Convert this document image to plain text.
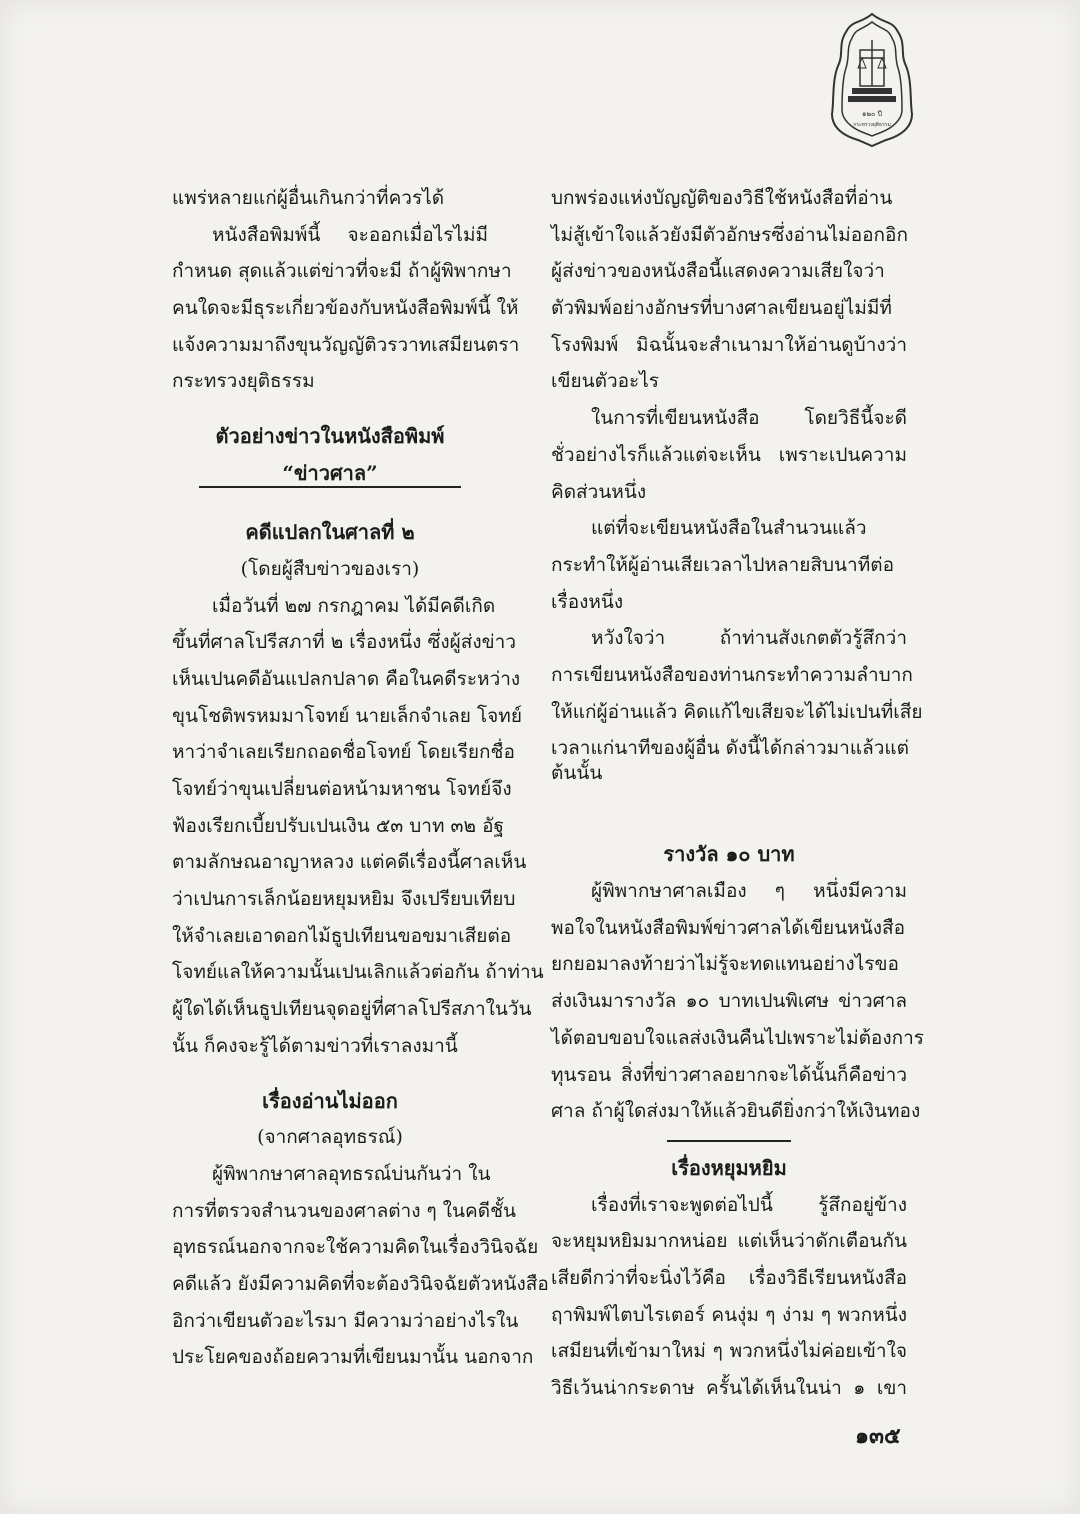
๑๒๐ ปี
กระทรวงยุติธรรม
แพร่หลายแก่ผู้อื่นเกินกว่าที่ควรได้
หนังสือพิมพ์นี้ จะออกเมื่อไรไม่มี
กำหนด สุดแล้วแต่ข่าวที่จะมี ถ้าผู้พิพากษา
คนใดจะมีธุระเกี่ยวข้องกับหนังสือพิมพ์นี้ ให้
แจ้งความมาถึงขุนวัญญัติวรวาทเสมียนตรา
กระทรวงยุติธรรม
ตัวอย่างข่าวในหนังสือพิมพ์
“ข่าวศาล”
คดีแปลกในศาลที่ ๒
(โดยผู้สืบข่าวของเรา)
เมื่อวันที่ ๒๗ กรกฎาคม ได้มีคดีเกิด
ขึ้นที่ศาลโปรีสภาที่ ๒ เรื่องหนึ่ง ซึ่งผู้ส่งข่าว
เห็นเปนคดีอันแปลกปลาด คือในคดีระหว่าง
ขุนโชติพรหมมาโจทย์ นายเล็กจำเลย โจทย์
หาว่าจำเลยเรียกถอดชื่อโจทย์ โดยเรียกชื่อ
โจทย์ว่าขุนเปลี่ยนต่อหน้ามหาชน โจทย์จึง
ฟ้องเรียกเบี้ยปรับเปนเงิน ๕๓ บาท ๓๒ อัฐ
ตามลักษณอาญาหลวง แต่คดีเรื่องนี้ศาลเห็น
ว่าเปนการเล็กน้อยหยุมหยิม จึงเปรียบเทียบ
ให้จำเลยเอาดอกไม้ธูปเทียนขอขมาเสียต่อ
โจทย์แลให้ความนั้นเปนเลิกแล้วต่อกัน ถ้าท่าน
ผู้ใดได้เห็นธูปเทียนจุดอยู่ที่ศาลโปรีสภาในวัน
นั้น ก็คงจะรู้ได้ตามข่าวที่เราลงมานี้
เรื่องอ่านไม่ออก
(จากศาลอุทธรณ์)
ผู้พิพากษาศาลอุทธรณ์บ่นกันว่า ใน
การที่ตรวจสำนวนของศาลต่าง ๆ ในคดีชั้น
อุทธรณ์นอกจากจะใช้ความคิดในเรื่องวินิจฉัย
คดีแล้ว ยังมีความคิดที่จะต้องวินิจฉัยตัวหนังสือ
อิกว่าเขียนตัวอะไรมา มีความว่าอย่างไรใน
ประโยคของถ้อยความที่เขียนมานั้น นอกจาก
บกพร่องแห่งบัญญัติของวิธีใช้หนังสือที่อ่าน
ไม่สู้เข้าใจแล้วยังมีตัวอักษรซึ่งอ่านไม่ออกอิก
ผู้ส่งข่าวของหนังสือนี้แสดงความเสียใจว่า
ตัวพิมพ์อย่างอักษรที่บางศาลเขียนอยู่ไม่มีที่
โรงพิมพ์ มิฉนั้นจะสำเนามาให้อ่านดูบ้างว่า
เขียนตัวอะไร
ในการที่เขียนหนังสือ โดยวิธีนี้จะดี
ชั่วอย่างไรก็แล้วแต่จะเห็น เพราะเปนความ
คิดส่วนหนึ่ง
แต่ที่จะเขียนหนังสือในสำนวนแล้ว
กระทำให้ผู้อ่านเสียเวลาไปหลายสิบนาทีต่อ
เรื่องหนึ่ง
หวังใจว่า ถ้าท่านสังเกตตัวรู้สึกว่า
การเขียนหนังสือของท่านกระทำความลำบาก
ให้แก่ผู้อ่านแล้ว คิดแก้ไขเสียจะได้ไม่เปนที่เสีย
เวลาแก่นาทีของผู้อื่น ดังนี้ได้กล่าวมาแล้วแต่
ต้นนั้น
รางวัล ๑๐ บาท
ผู้พิพากษาศาลเมือง ๆ หนึ่งมีความ
พอใจในหนังสือพิมพ์ข่าวศาลได้เขียนหนังสือ
ยกยอมาลงท้ายว่าไม่รู้จะทดแทนอย่างไรขอ
ส่งเงินมารางวัล ๑๐ บาทเปนพิเศษ ข่าวศาล
ได้ตอบขอบใจแลส่งเงินคืนไปเพราะไม่ต้องการ
ทุนรอน สิ่งที่ข่าวศาลอยากจะได้นั้นก็คือข่าว
ศาล ถ้าผู้ใดส่งมาให้แล้วยินดียิ่งกว่าให้เงินทอง
เรื่องหยุมหยิม
เรื่องที่เราจะพูดต่อไปนี้ รู้สึกอยู่ข้าง
จะหยุมหยิมมากหน่อย แต่เห็นว่าดักเตือนกัน
เสียดีกว่าที่จะนิ่งไว้คือ เรื่องวิธีเรียนหนังสือ
ฤาพิมพ์ไตบไรเตอร์ คนงุ่ม ๆ ง่าม ๆ พวกหนึ่ง
เสมียนที่เข้ามาใหม่ ๆ พวกหนึ่งไม่ค่อยเข้าใจ
วิธีเว้นน่ากระดาษ ครั้นได้เห็นในน่า ๑ เขา
๑๓๕
